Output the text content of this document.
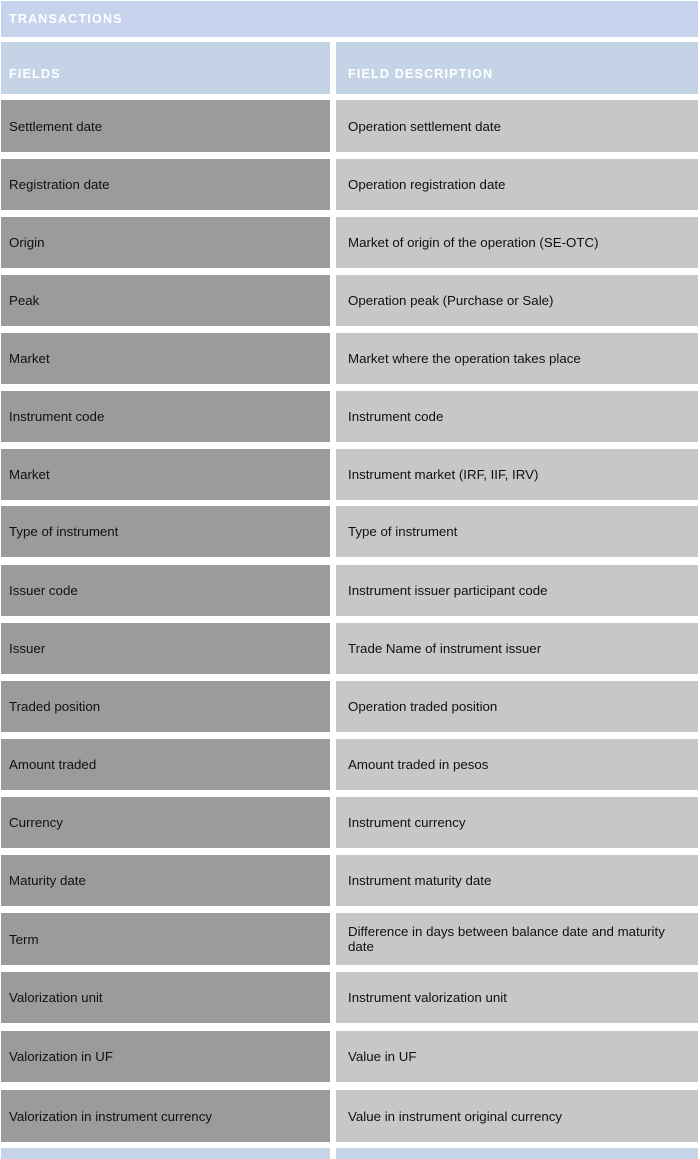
TRANSACTIONS
FIELDS	FIELD DESCRIPTION
Settlement date	Operation settlement date
Registration date	Operation registration date
Origin	Market of origin of the operation (SE-OTC)
Peak	Operation peak (Purchase or Sale)
Market	Market where the operation takes place
Instrument code	Instrument code
Market	Instrument market (IRF, IIF, IRV)
Type of instrument	Type of instrument
Issuer code	Instrument issuer participant code
Issuer	Trade Name of instrument issuer
Traded position	Operation traded position
Amount traded	Amount traded in pesos
Currency	Instrument currency
Maturity date	Instrument maturity date
Term	Difference in days between balance date and maturity date
Valorization unit	Instrument valorization unit
Valorization in UF	Value in UF
Valorization in instrument currency	Value in instrument original currency
